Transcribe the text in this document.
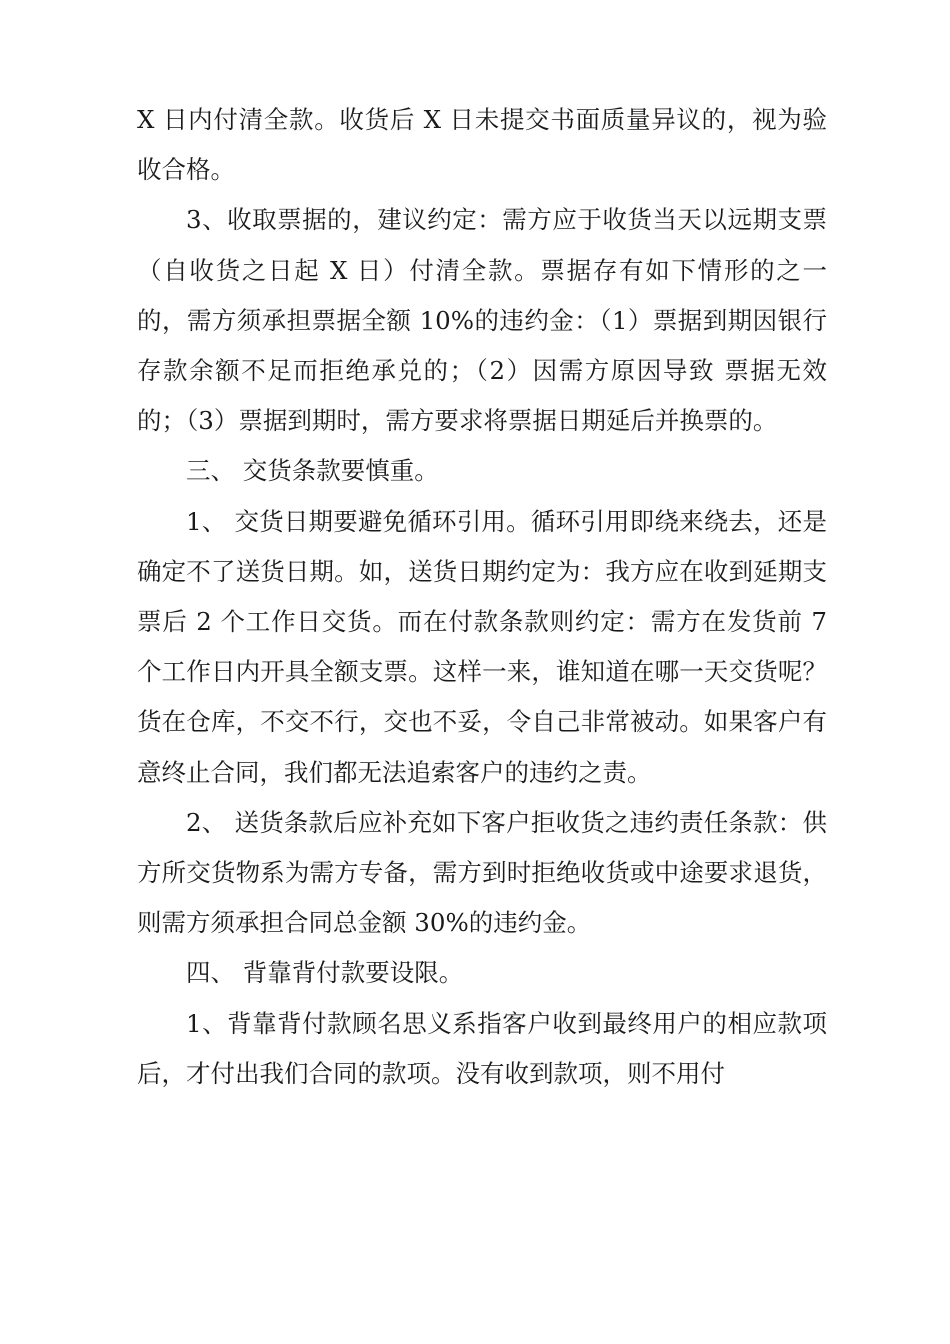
X 日内付清全款。收货后 X 日未提交书面质量异议的，视为验收合格。

3、收取票据的，建议约定：需方应于收货当天以远期支票（自收货之日起 X 日）付清全款。票据存有如下情形的之一的，需方须承担票据全额 10%的违约金：（1）票据到期因银行存款余额不足而拒绝承兑的；（2）因需方原因导致 票据无效的；（3）票据到期时，需方要求将票据日期延后并换票的。

三、 交货条款要慎重。

1、 交货日期要避免循环引用。循环引用即绕来绕去，还是确定不了送货日期。如，送货日期约定为：我方应在收到延期支票后 2 个工作日交货。而在付款条款则约定：需方在发货前 7 个工作日内开具全额支票。这样一来，谁知道在哪一天交货呢？货在仓库，不交不行，交也不妥，令自己非常被动。如果客户有意终止合同，我们都无法追索客户的违约之责。

2、 送货条款后应补充如下客户拒收货之违约责任条款：供方所交货物系为需方专备，需方到时拒绝收货或中途要求退货，则需方须承担合同总金额 30%的违约金。

四、 背靠背付款要设限。

1、背靠背付款顾名思义系指客户收到最终用户的相应款项后，才付出我们合同的款项。没有收到款项，则不用付
